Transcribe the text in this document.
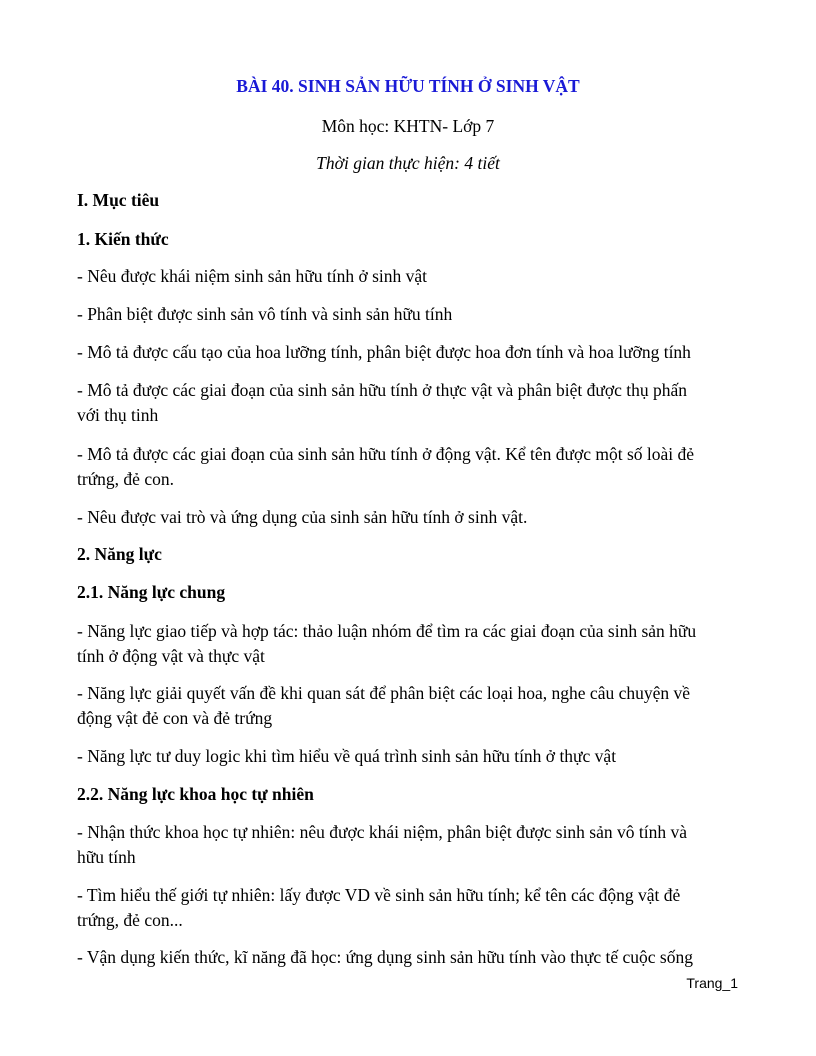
BÀI 40. SINH SẢN HỮU TÍNH Ở SINH VẬT
Môn học: KHTN- Lớp 7
Thời gian thực hiện: 4 tiết
I. Mục tiêu
1. Kiến thức
- Nêu được khái niệm sinh sản hữu tính ở sinh vật
- Phân biệt được sinh sản vô tính và sinh sản hữu tính
- Mô tả được cấu tạo của hoa lưỡng tính, phân biệt được hoa đơn tính và hoa lưỡng tính
- Mô tả được các giai đoạn của sinh sản hữu tính ở thực vật và phân biệt được thụ phấn
với thụ tinh
- Mô tả được các giai đoạn của sinh sản hữu tính ở động vật. Kể tên được một số loài đẻ
trứng, đẻ con.
- Nêu được vai trò và ứng dụng của sinh sản hữu tính ở sinh vật.
2. Năng lực
2.1. Năng lực chung
- Năng lực giao tiếp và hợp tác: thảo luận nhóm để tìm ra các giai đoạn của sinh sản hữu
tính ở động vật và thực vật
- Năng lực giải quyết vấn đề khi quan sát để phân biệt các loại hoa, nghe câu chuyện về
động vật đẻ con và đẻ trứng
- Năng lực tư duy logic khi tìm hiểu về quá trình sinh sản hữu tính ở thực vật
2.2. Năng lực khoa học tự nhiên
- Nhận thức khoa học tự nhiên: nêu được khái niệm, phân biệt được sinh sản vô tính và
hữu tính
- Tìm hiểu thế giới tự nhiên: lấy được VD về sinh sản hữu tính; kể tên các động vật đẻ
trứng, đẻ con...
- Vận dụng kiến thức, kĩ năng đã học: ứng dụng sinh sản hữu tính vào thực tế cuộc sống
Trang_1
